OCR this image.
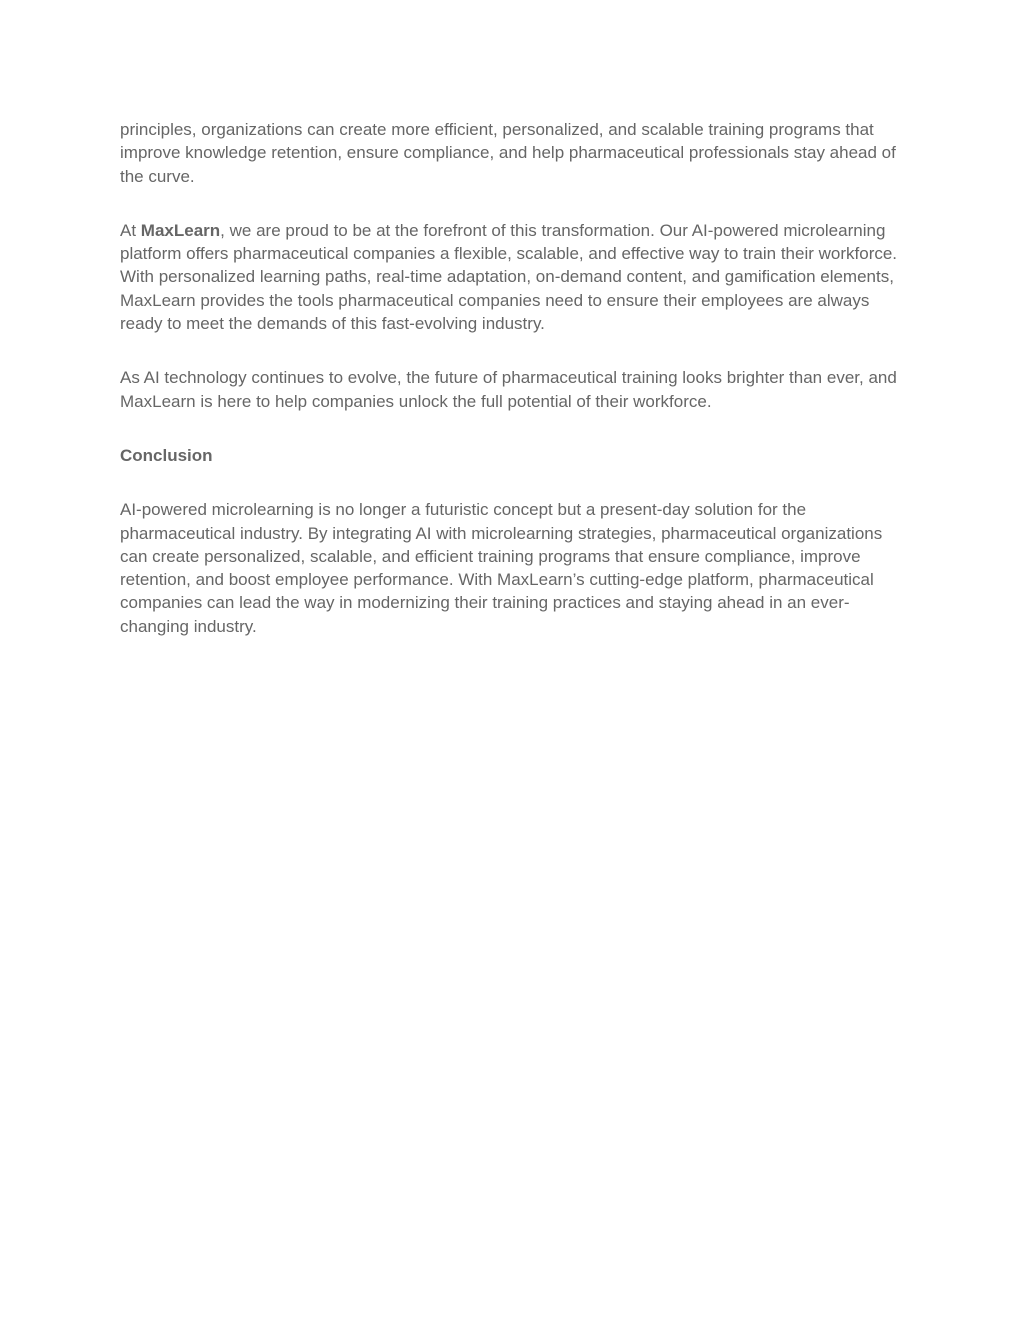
principles, organizations can create more efficient, personalized, and scalable training programs that improve knowledge retention, ensure compliance, and help pharmaceutical professionals stay ahead of the curve.

At MaxLearn, we are proud to be at the forefront of this transformation. Our AI-powered microlearning platform offers pharmaceutical companies a flexible, scalable, and effective way to train their workforce. With personalized learning paths, real-time adaptation, on-demand content, and gamification elements, MaxLearn provides the tools pharmaceutical companies need to ensure their employees are always ready to meet the demands of this fast-evolving industry.

As AI technology continues to evolve, the future of pharmaceutical training looks brighter than ever, and MaxLearn is here to help companies unlock the full potential of their workforce.

Conclusion

AI-powered microlearning is no longer a futuristic concept but a present-day solution for the pharmaceutical industry. By integrating AI with microlearning strategies, pharmaceutical organizations can create personalized, scalable, and efficient training programs that ensure compliance, improve retention, and boost employee performance. With MaxLearn’s cutting-edge platform, pharmaceutical companies can lead the way in modernizing their training practices and staying ahead in an ever-changing industry.
